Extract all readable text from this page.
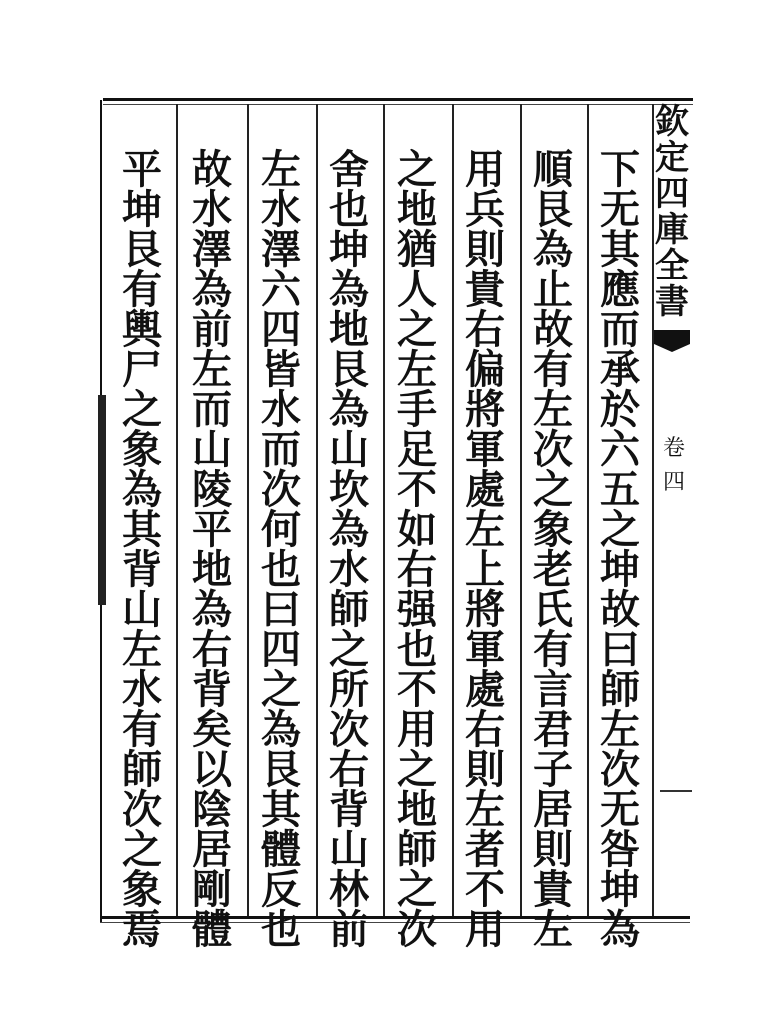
欽
定
四
庫
全
書
卷
四
下
无
其
應
而
承
於
六
五
之
坤
故
曰
師
左
次
无
咎
坤
為
順
艮
為
止
故
有
左
次
之
象
老
氏
有
言
君
子
居
則
貴
左
用
兵
則
貴
右
偏
將
軍
處
左
上
將
軍
處
右
則
左
者
不
用
之
地
猶
人
之
左
手
足
不
如
右
强
也
不
用
之
地
師
之
次
舍
也
坤
為
地
艮
為
山
坎
為
水
師
之
所
次
右
背
山
林
前
左
水
澤
六
四
皆
水
而
次
何
也
曰
四
之
為
艮
其
體
反
也
故
水
澤
為
前
左
而
山
陵
平
地
為
右
背
矣
以
陰
居
剛
體
平
坤
艮
有
輿
尸
之
象
為
其
背
山
左
水
有
師
次
之
象
焉
